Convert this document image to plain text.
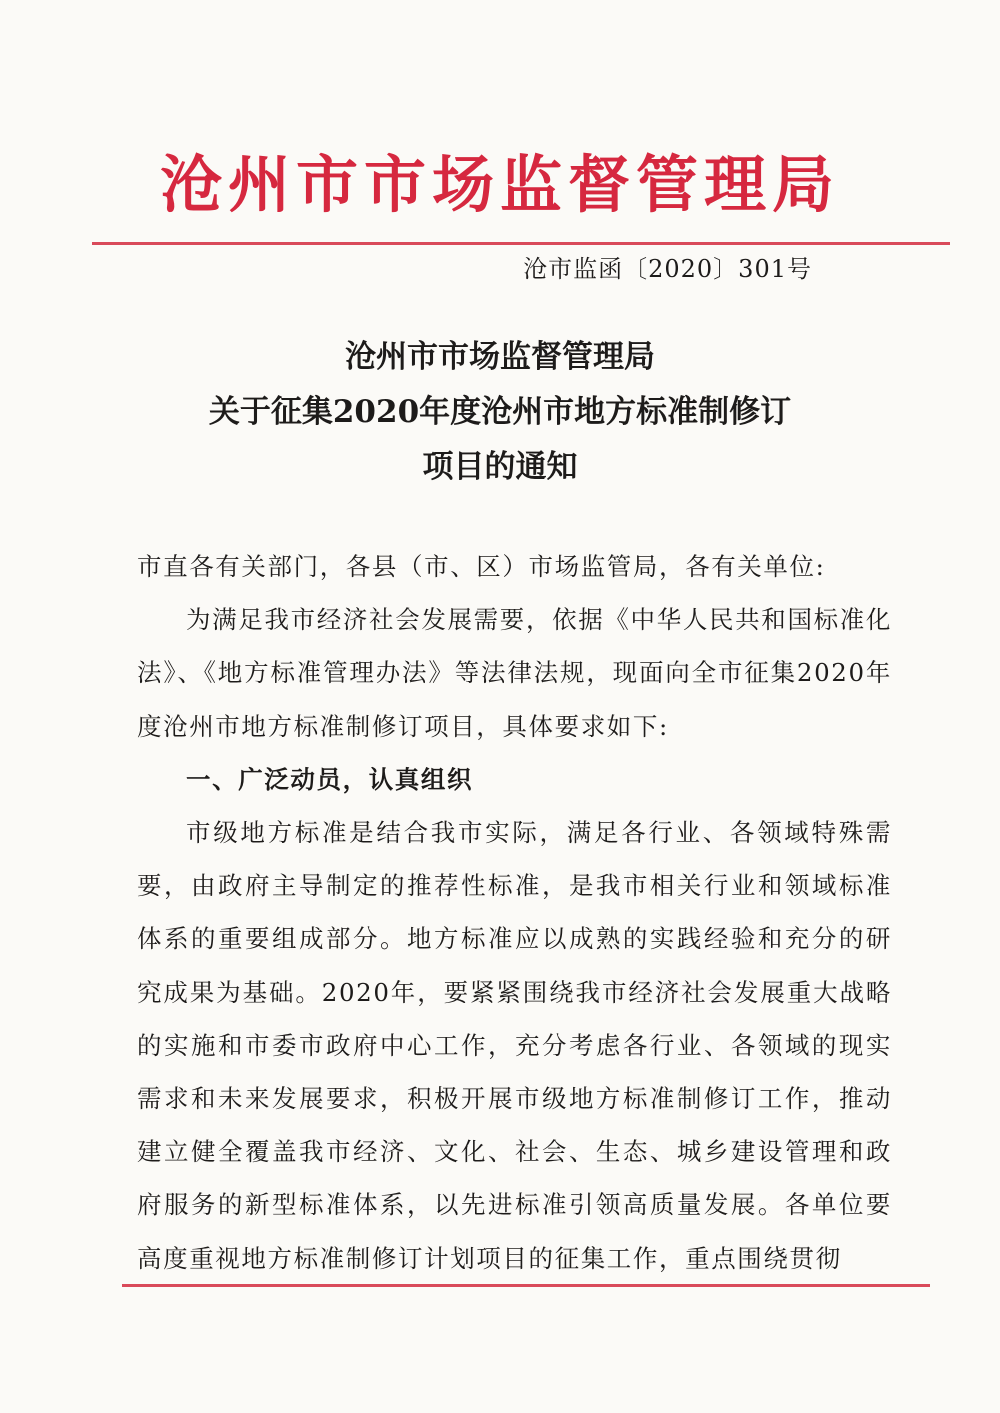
沧州市市场监督管理局
沧市监函〔2020〕301号
沧州市市场监督管理局
关于征集2020年度沧州市地方标准制修订
项目的通知

市直各有关部门，各县（市、区）市场监管局，各有关单位:

为满足我市经济社会发展需要，依据《中华人民共和国标准化法》、《地方标准管理办法》等法律法规，现面向全市征集2020年度沧州市地方标准制修订项目，具体要求如下:

一、广泛动员，认真组织

市级地方标准是结合我市实际，满足各行业、各领域特殊需要，由政府主导制定的推荐性标准，是我市相关行业和领域标准体系的重要组成部分。地方标准应以成熟的实践经验和充分的研究成果为基础。2020年，要紧紧围绕我市经济社会发展重大战略的实施和市委市政府中心工作，充分考虑各行业、各领域的现实需求和未来发展要求，积极开展市级地方标准制修订工作，推动建立健全覆盖我市经济、文化、社会、生态、城乡建设管理和政府服务的新型标准体系，以先进标准引领高质量发展。各单位要高度重视地方标准制修订计划项目的征集工作，重点围绕贯彻
